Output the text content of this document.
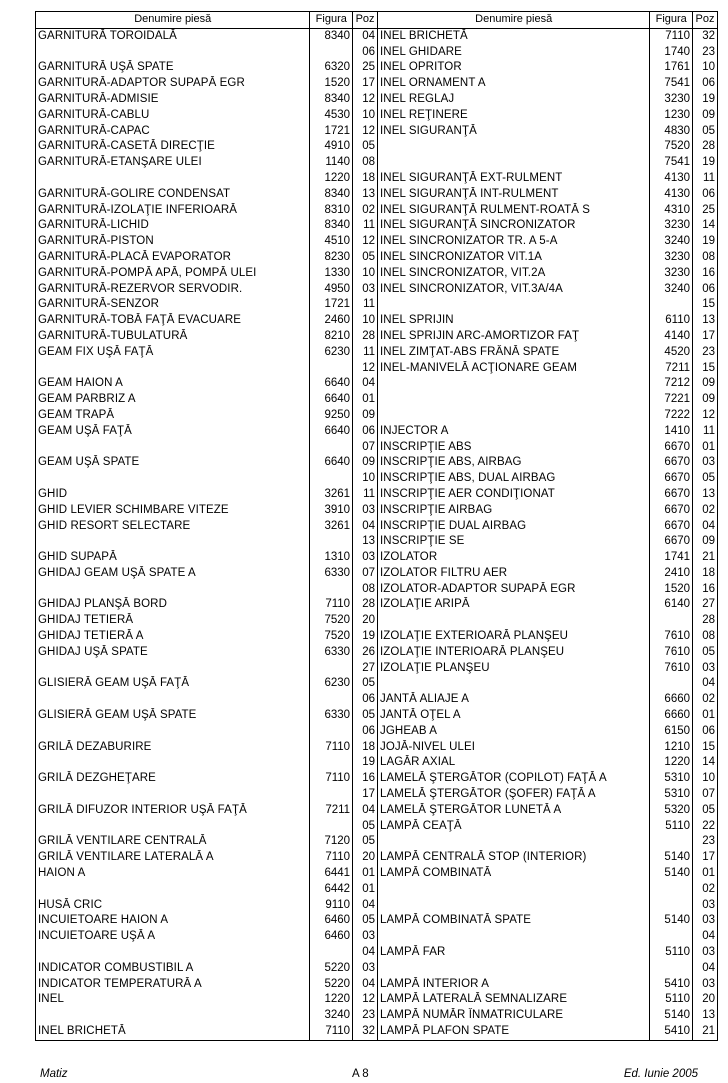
Denumire piesă	Figura	Poz	Denumire piesă	Figura	Poz
GARNITURĂ TOROIDALĂ	8340	04	INEL BRICHETĂ	7110	32
		06	INEL GHIDARE	1740	23
GARNITURĂ UŞĂ SPATE	6320	25	INEL OPRITOR	1761	10
GARNITURĂ-ADAPTOR SUPAPĂ EGR	1520	17	INEL ORNAMENT A	7541	06
GARNITURĂ-ADMISIE	8340	12	INEL REGLAJ	3230	19
GARNITURĂ-CABLU	4530	10	INEL REŢINERE	1230	09
GARNITURĂ-CAPAC	1721	12	INEL SIGURANŢĂ	4830	05
GARNITURĂ-CASETĂ DIRECŢIE	4910	05		7520	28
GARNITURĂ-ETANŞARE ULEI	1140	08		7541	19
	1220	18	INEL SIGURANŢĂ EXT-RULMENT	4130	11
GARNITURĂ-GOLIRE CONDENSAT	8340	13	INEL SIGURANŢĂ INT-RULMENT	4130	06
GARNITURĂ-IZOLAŢIE INFERIOARĂ	8310	02	INEL SIGURANŢĂ RULMENT-ROATĂ S	4310	25
GARNITURĂ-LICHID	8340	11	INEL SIGURANŢĂ SINCRONIZATOR	3230	14
GARNITURĂ-PISTON	4510	12	INEL SINCRONIZATOR TR. A 5-A	3240	19
GARNITURĂ-PLACĂ EVAPORATOR	8230	05	INEL SINCRONIZATOR VIT.1A	3230	08
GARNITURĂ-POMPĂ APĂ, POMPĂ ULEI	1330	10	INEL SINCRONIZATOR, VIT.2A	3230	16
GARNITURĂ-REZERVOR SERVODIR.	4950	03	INEL SINCRONIZATOR, VIT.3A/4A	3240	06
GARNITURĂ-SENZOR	1721	11			15
GARNITURĂ-TOBĂ FAŢĂ EVACUARE	2460	10	INEL SPRIJIN	6110	13
GARNITURĂ-TUBULATURĂ	8210	28	INEL SPRIJIN ARC-AMORTIZOR FAŢ	4140	17
GEAM FIX UŞĂ FAŢĂ	6230	11	INEL ZIMŢAT-ABS FRÂNĂ SPATE	4520	23
		12	INEL-MANIVELĂ ACŢIONARE GEAM	7211	15
GEAM HAION A	6640	04		7212	09
GEAM PARBRIZ A	6640	01		7221	09
GEAM TRAPĂ	9250	09		7222	12
GEAM UŞĂ FAŢĂ	6640	06	INJECTOR A	1410	11
		07	INSCRIPŢIE ABS	6670	01
GEAM UŞĂ SPATE	6640	09	INSCRIPŢIE ABS, AIRBAG	6670	03
		10	INSCRIPŢIE ABS, DUAL AIRBAG	6670	05
GHID	3261	11	INSCRIPŢIE AER CONDIŢIONAT	6670	13
GHID LEVIER SCHIMBARE VITEZE	3910	03	INSCRIPŢIE AIRBAG	6670	02
GHID RESORT SELECTARE	3261	04	INSCRIPŢIE DUAL AIRBAG	6670	04
		13	INSCRIPŢIE SE	6670	09
GHID SUPAPĂ	1310	03	IZOLATOR	1741	21
GHIDAJ GEAM UŞĂ SPATE A	6330	07	IZOLATOR FILTRU AER	2410	18
		08	IZOLATOR-ADAPTOR SUPAPĂ EGR	1520	16
GHIDAJ PLANŞĂ BORD	7110	28	IZOLAŢIE ARIPĂ	6140	27
GHIDAJ TETIERĂ	7520	20			28
GHIDAJ TETIERĂ A	7520	19	IZOLAŢIE EXTERIOARĂ PLANŞEU	7610	08
GHIDAJ UŞĂ SPATE	6330	26	IZOLAŢIE INTERIOARĂ PLANŞEU	7610	05
		27	IZOLAŢIE PLANŞEU	7610	03
GLISIERĂ GEAM UŞĂ FAŢĂ	6230	05			04
		06	JANTĂ ALIAJE A	6660	02
GLISIERĂ GEAM UŞĂ SPATE	6330	05	JANTĂ OŢEL A	6660	01
		06	JGHEAB A	6150	06
GRILĂ DEZABURIRE	7110	18	JOJĂ-NIVEL ULEI	1210	15
		19	LAGĂR AXIAL	1220	14
GRILĂ DEZGHEŢARE	7110	16	LAMELĂ ŞTERGĂTOR (COPILOT) FAŢĂ A	5310	10
		17	LAMELĂ ŞTERGĂTOR (ŞOFER) FAŢĂ A	5310	07
GRILĂ DIFUZOR INTERIOR UŞĂ FAŢĂ	7211	04	LAMELĂ ŞTERGĂTOR LUNETĂ A	5320	05
		05	LAMPĂ CEAŢĂ	5110	22
GRILĂ VENTILARE CENTRALĂ	7120	05			23
GRILĂ VENTILARE LATERALĂ A	7110	20	LAMPĂ CENTRALĂ STOP (INTERIOR)	5140	17
HAION A	6441	01	LAMPĂ COMBINATĂ	5140	01
	6442	01			02
HUSĂ CRIC	9110	04			03
INCUIETOARE HAION A	6460	05	LAMPĂ COMBINATĂ SPATE	5140	03
INCUIETOARE UŞĂ A	6460	03			04
		04	LAMPĂ FAR	5110	03
INDICATOR COMBUSTIBIL A	5220	03			04
INDICATOR TEMPERATURĂ A	5220	04	LAMPĂ INTERIOR A	5410	03
INEL	1220	12	LAMPĂ LATERALĂ SEMNALIZARE	5110	20
	3240	23	LAMPĂ NUMĂR ÎNMATRICULARE	5140	13
INEL BRICHETĂ	7110	32	LAMPĂ PLAFON SPATE	5410	21
Matiz	A 8	Ed. Iunie 2005
